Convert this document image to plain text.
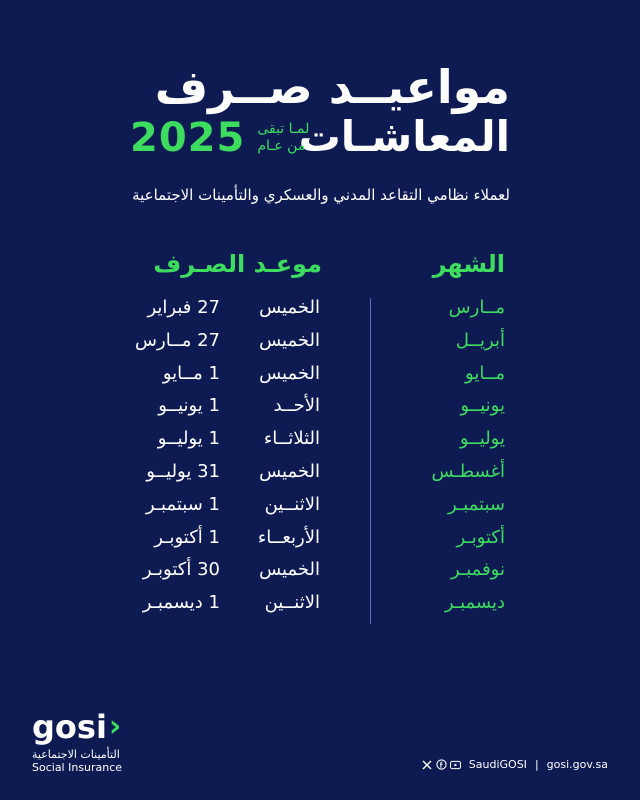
مواعيــد صــرف
المعاشـات
2025 لمـا تبقى
من عـام
لعملاء نظامي التقاعد المدني والعسكري والتأمينات الاجتماعية
الشهر
موعـد الصـرف
مــارس
الخميس
27 فبراير
أبريــل
الخميس
27 مــارس
مــايو
الخميس
1 مــايو
يونيــو
الأحــد
1 يونيــو
يوليــو
الثلاثــاء
1 يوليــو
أغسطـس
الخميس
31 يوليــو
سبتمبـر
الاثنــين
1 سبتمبـر
أكتوبـر
الأربعــاء
1 أكتوبـر
نوفمبـر
الخميس
30 أكتوبـر
ديسمبـر
الاثنــين
1 ديسمبـر
gosi ›
التأمينات الاجتماعية
Social Insurance	SaudiGOSI | gosi.gov.sa
